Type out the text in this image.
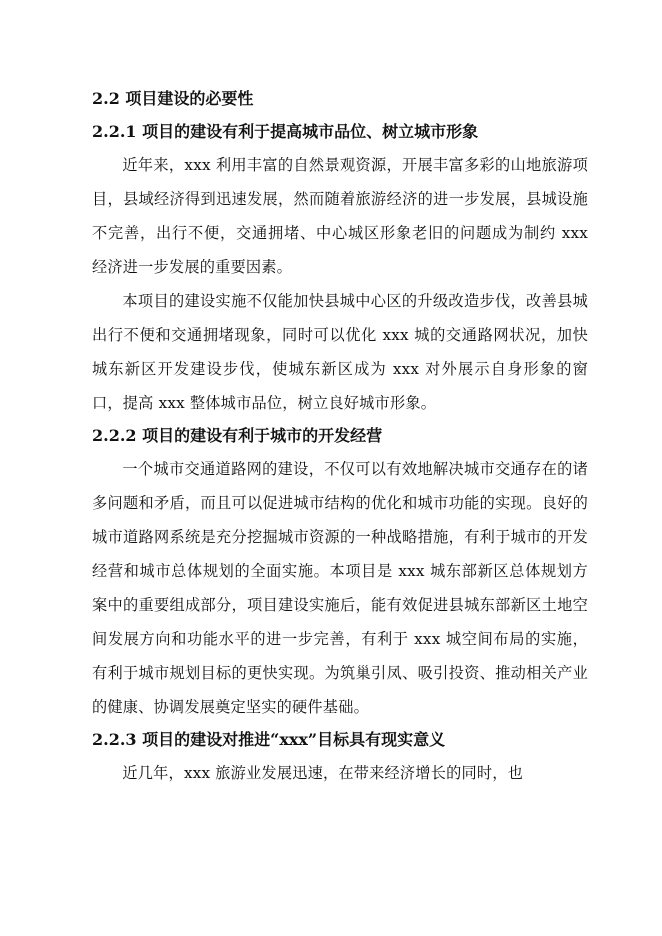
2.2 项目建设的必要性
2.2.1 项目的建设有利于提高城市品位、树立城市形象

近年来，xxx 利用丰富的自然景观资源，开展丰富多彩的山地旅游项目，县域经济得到迅速发展，然而随着旅游经济的进一步发展，县城设施不完善，出行不便，交通拥堵、中心城区形象老旧的问题成为制约 xxx 经济进一步发展的重要因素。

本项目的建设实施不仅能加快县城中心区的升级改造步伐，改善县城出行不便和交通拥堵现象，同时可以优化 xxx 城的交通路网状况，加快城东新区开发建设步伐，使城东新区成为 xxx 对外展示自身形象的窗口，提高 xxx 整体城市品位，树立良好城市形象。

2.2.2 项目的建设有利于城市的开发经营

一个城市交通道路网的建设，不仅可以有效地解决城市交通存在的诸多问题和矛盾，而且可以促进城市结构的优化和城市功能的实现。良好的城市道路网系统是充分挖掘城市资源的一种战略措施，有利于城市的开发经营和城市总体规划的全面实施。本项目是 xxx 城东部新区总体规划方案中的重要组成部分，项目建设实施后，能有效促进县城东部新区土地空间发展方向和功能水平的进一步完善，有利于 xxx 城空间布局的实施，有利于城市规划目标的更快实现。为筑巢引凤、吸引投资、推动相关产业的健康、协调发展奠定坚实的硬件基础。

2.2.3 项目的建设对推进“xxx”目标具有现实意义

近几年，xxx 旅游业发展迅速，在带来经济增长的同时，也
